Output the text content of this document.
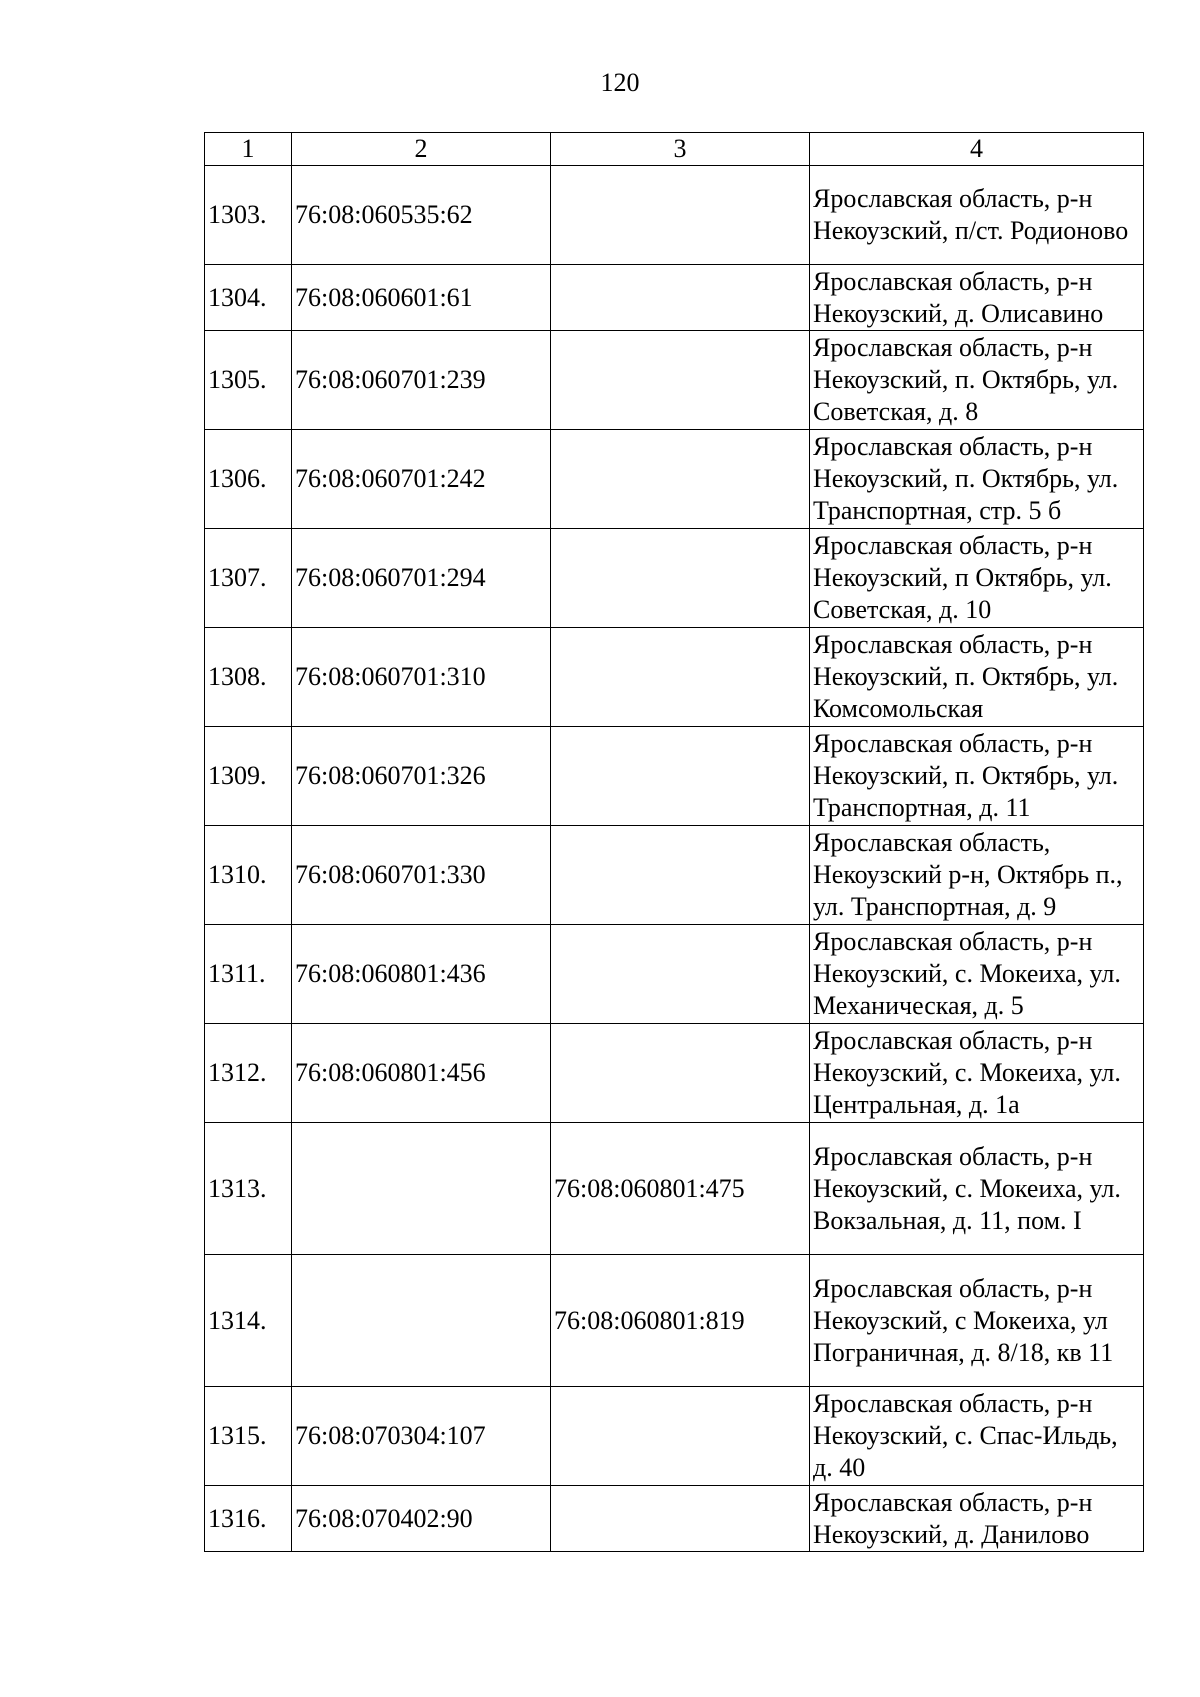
120
1	2	3	4
1303.	76:08:060535:62		Ярославская область, р-н Некоузский, п/ст. Родионово
1304.	76:08:060601:61		Ярославская область, р-н Некоузский, д. Олисавино
1305.	76:08:060701:239		Ярославская область, р-н Некоузский, п. Октябрь, ул. Советская, д. 8
1306.	76:08:060701:242		Ярославская область, р-н Некоузский, п. Октябрь, ул. Транспортная, стр. 5 б
1307.	76:08:060701:294		Ярославская область, р-н Некоузский, п Октябрь, ул. Советская, д. 10
1308.	76:08:060701:310		Ярославская область, р-н Некоузский, п. Октябрь, ул. Комсомольская
1309.	76:08:060701:326		Ярославская область, р-н Некоузский, п. Октябрь, ул. Транспортная, д. 11
1310.	76:08:060701:330		Ярославская область, Некоузский р-н, Октябрь п., ул. Транспортная, д. 9
1311.	76:08:060801:436		Ярославская область, р-н Некоузский, с. Мокеиха, ул. Механическая, д. 5
1312.	76:08:060801:456		Ярославская область, р-н Некоузский, с. Мокеиха, ул. Центральная, д. 1а
1313.		76:08:060801:475	Ярославская область, р-н Некоузский, с. Мокеиха, ул. Вокзальная, д. 11, пом. I
1314.		76:08:060801:819	Ярославская область, р-н Некоузский, с Мокеиха, ул Пограничная, д. 8/18, кв 11
1315.	76:08:070304:107		Ярославская область, р-н Некоузский, с. Спас-Ильдь, д. 40
1316.	76:08:070402:90		Ярославская область, р-н Некоузский, д. Данилово
